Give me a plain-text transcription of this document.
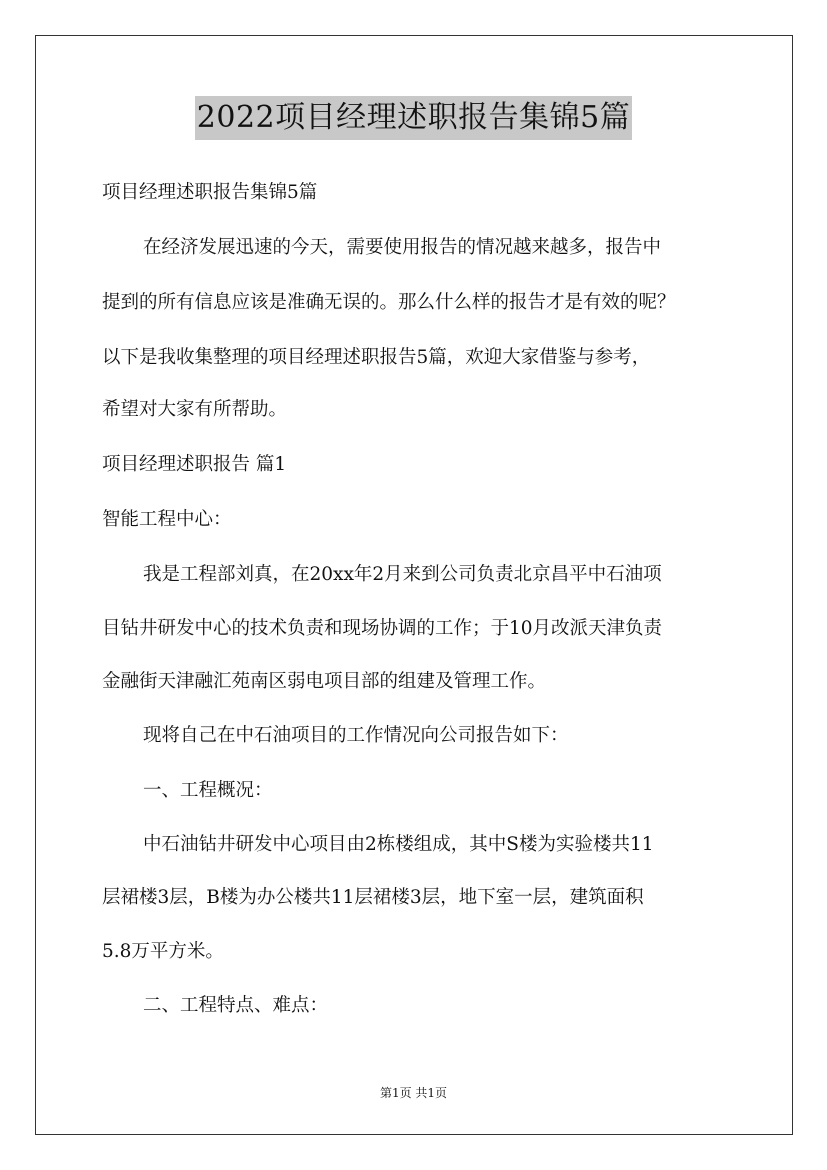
2022项目经理述职报告集锦5篇
项目经理述职报告集锦5篇
在经济发展迅速的今天，需要使用报告的情况越来越多，报告中
提到的所有信息应该是准确无误的。那么什么样的报告才是有效的呢？
以下是我收集整理的项目经理述职报告5篇，欢迎大家借鉴与参考，
希望对大家有所帮助。
项目经理述职报告 篇1
智能工程中心：
我是工程部刘真，在20xx年2月来到公司负责北京昌平中石油项
目钻井研发中心的技术负责和现场协调的工作；于10月改派天津负责
金融街天津融汇苑南区弱电项目部的组建及管理工作。
现将自己在中石油项目的工作情况向公司报告如下：
一、工程概况：
中石油钻井研发中心项目由2栋楼组成，其中S楼为实验楼共11
层裙楼3层，B楼为办公楼共11层裙楼3层，地下室一层，建筑面积
5.8万平方米。
二、工程特点、难点：
第1页 共1页
